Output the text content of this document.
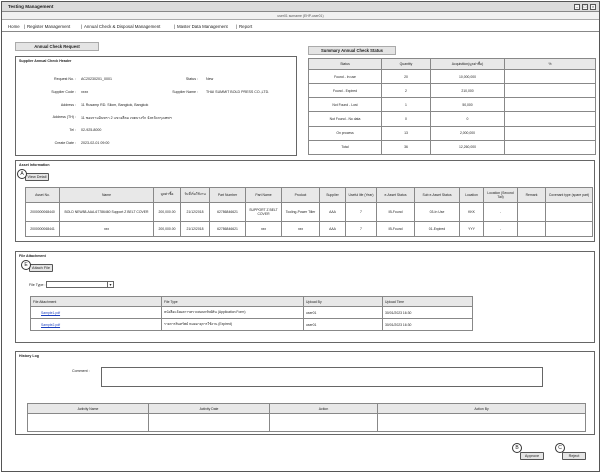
Testing Management	–	□	×
user01 surname (EHP-user01)
Home | Register Management | Annual Check & Disposal Management	| Master Data Management | Report
Annual Check Request
Summary Annual Check Status
Supplier Annual Check Header
Request No. : AC20230201_0001	Status : New
Supplier Code : xxxx	Supplier Name : THAI SUMMIT BOLD PRESS CO.,LTD.
Address : 11 Rusamp RD. Silom, Bangkok, Bangkok
Address (TH) : 11 ซอยรามอินทรา 2 แขวงสีลม เขตบางรัก จังหวัดกรุงเทพฯ
Tel : 02-925-8000
Create Date : 2023-02-01 09:00
Status	Quantity	Acquisition(มูลค่าซื้อ)	%
Found - In use	20	10,000,000	
Found - Expired	2	210,000	
Not Found - Lost	1	50,000	
Not Found - No data	0	0	
On process	13	2,000,000	
Total	36	12,260,000	
Asset Information
View Detail
A
Asset No.	Name	มูลค่าซื้อ	วันที่เริ่มใช้งาน	Part Number	Part Name	Product	Supplier	Useful life (Year)	e-Asset Status	Sub e-Asset Status	Location	Location (Second Tail)	Remark	Covenant type (spare part)
2000000068440	BOLD NEW88-AAA-67786460 Support Z BELT COVER	200,000.00	21/12/2018	62786846621	SUPPORT Z BELT COVER	Tooling-Power Tiller	AAA	7	IB-Found	03-In Use	KKK	-		
2000000068441	xxx	200,000.00	21/12/2018	62786846621	xxx	xxx	AAA	7	IB-Found	01-Expired	YYY	-		
File Attachment
Attach File
E
File Type :	▾
File Attachment	File Type	Upload By	Upload Time
Sample1.pdf	หนังสือแจ้งผลการตรวจสอบทรัพย์สิน (Application Form)	user01	30/01/2023 16:30
Sample2.pdf	รายการสินทรัพย์ หมดอายุการใช้งาน (Expired)	user01	30/01/2023 16:30
History Log
Comment :
Activity Name	Activity Date	Action	Action By

Approve
B
Reject
C
